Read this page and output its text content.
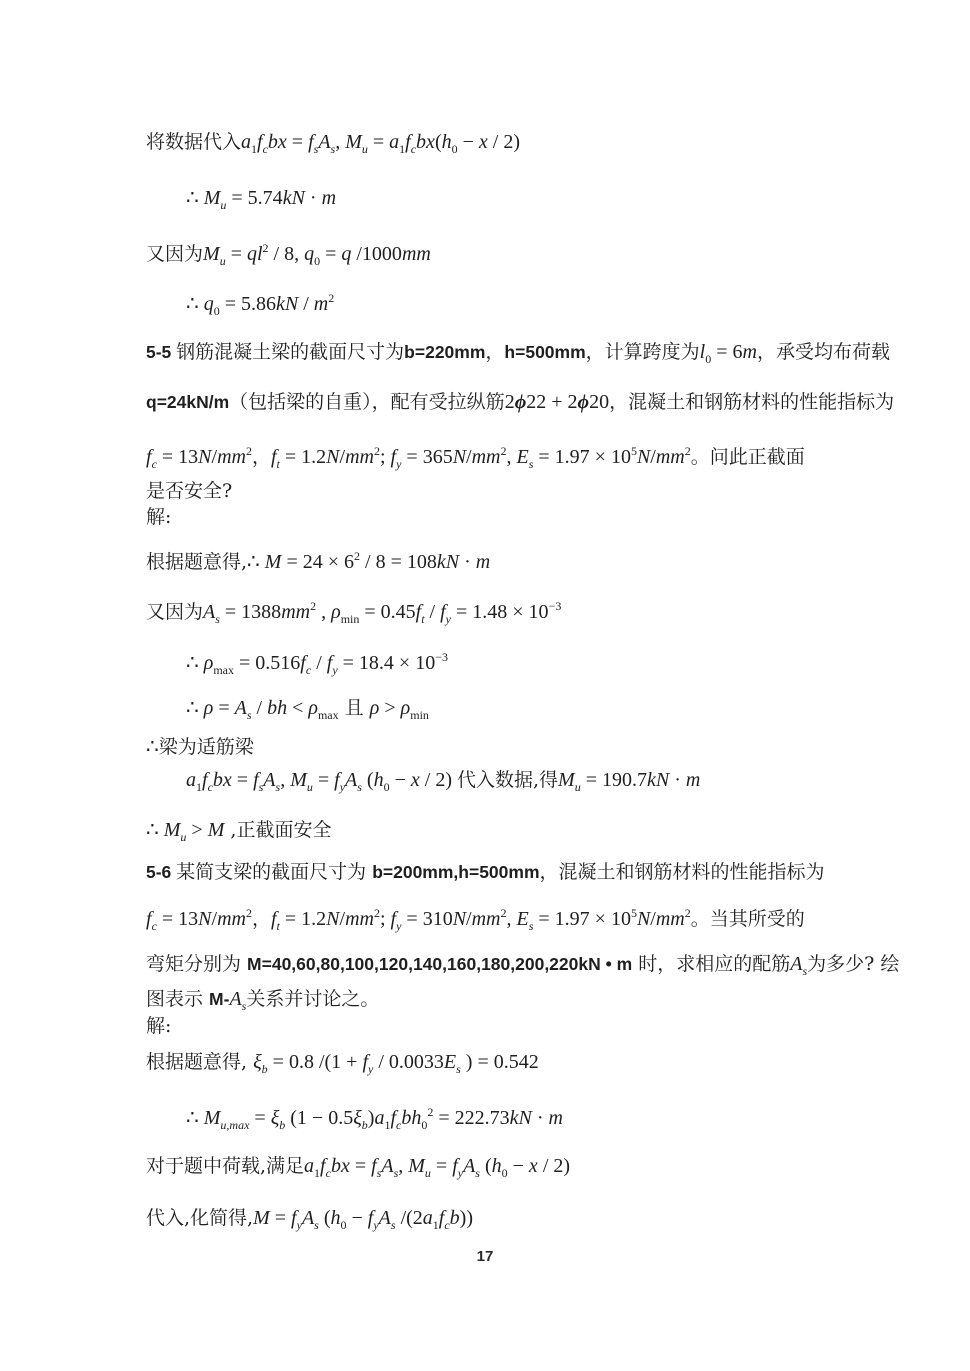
将数据代入$a_1f_cbx = f_sA_s$, $M_u = a_1f_cbx(h_0 - x / 2)$
∴ $M_u = 5.74kN \cdot m$
又因为$M_u = ql^2 / 8$, $q_0 = q$ /1000mm
∴ $q_0 = 5.86kN / m^2$
5-5 钢筋混凝土梁的截面尺寸为b=220mm，h=500mm，计算跨度为$l_0 = 6m$，承受均布荷载
q=24kN/m（包括梁的自重），配有受拉纵筋2ϕ22 + 2ϕ20，混凝土和钢筋材料的性能指标为
$f_c = 13N/mm^2$，$f_t = 1.2N/mm^2$; $f_y = 365N/mm^2$, $E_s = 1.97 \times 10^5N/mm^2$。问此正截面
是否安全?
解:
根据题意得,∴ $M = 24 \times 6^2 / 8 = 108kN \cdot m$
又因为$A_s = 1388mm^2$ , $\rho_{min} = 0.45f_t / f_y = 1.48 \times 10^{-3}$
∴ $\rho_{max} = 0.516f_c / f_y = 18.4 \times 10^{-3}$
∴ $\rho = A_s$ / bh < $\rho_{max}$ 且 $\rho > \rho_{min}$
∴梁为适筋梁
$a_1f_cbx = f_sA_s$, $M_u = f_yA_s$ $(h_0 - x / 2)$ 代入数据,得$M_u = 190.7kN \cdot m$
∴ $M_u > M$ ,正截面安全
5-6 某简支梁的截面尺寸为 b=200mm,h=500mm，混凝土和钢筋材料的性能指标为
$f_c = 13N/mm^2$，$f_t = 1.2N/mm^2$; $f_y = 310N/mm^2$, $E_s = 1.97 \times 10^5N/mm^2$。当其所受的
弯矩分别为 M=40,60,80,100,120,140,160,180,200,220kN • m 时，求相应的配筋$A_s$为多少? 绘
图表示 $M-A_s$关系并讨论之。
解:
根据题意得, $\xi_b = 0.8$ $/(1 + f_y / 0.0033E_s$ ) = 0.542
∴ $M_{u,max} = \xi_b$ $(1 - 0.5\xi_b)a_1f_cbh_0^2 = 222.73kN \cdot m$
对于题中荷载,满足$a_1f_cbx = f_sA_s$, $M_u = f_yA_s$ $(h_0 - x / 2)$
代入,化简得$,M = f_yA_s$ ($h_0 - f_yA_s$ $/(2a_1f_cb)$)
17
